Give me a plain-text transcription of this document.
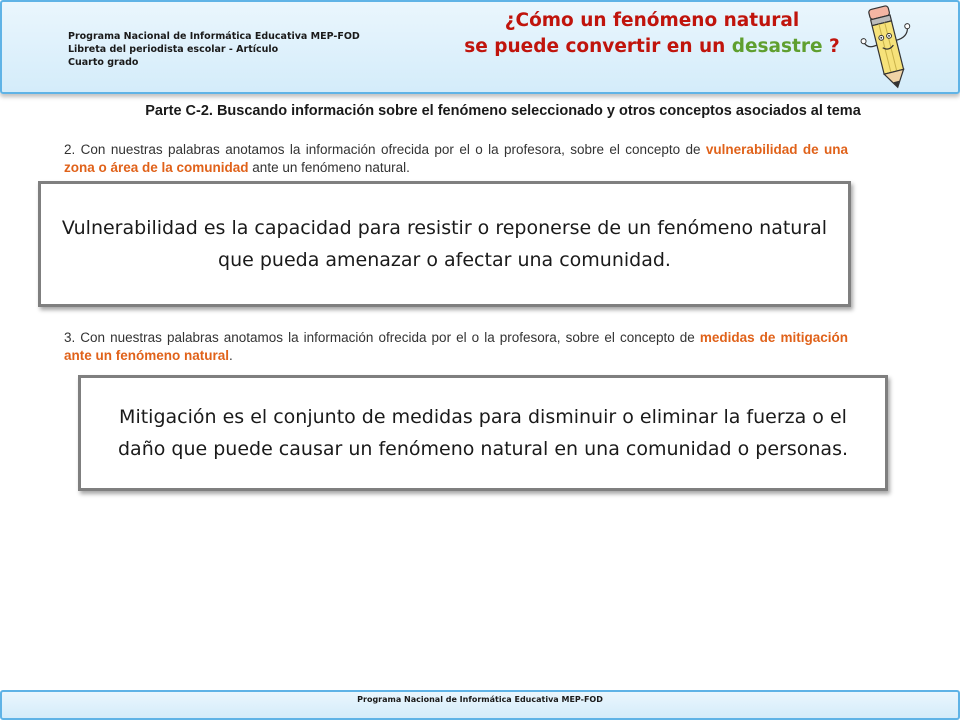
Programa Nacional de Informática Educativa MEP-FOD
Libreta del periodista escolar - Artículo
Cuarto grado
¿Cómo un fenómeno natural
se puede convertir en un desastre ?
Parte C-2. Buscando información sobre el fenómeno seleccionado y otros conceptos asociados al tema
2. Con nuestras palabras anotamos la información ofrecida por el o la profesora, sobre el concepto de vulnerabilidad de una zona o área de la comunidad ante un fenómeno natural.
Vulnerabilidad es la capacidad para resistir o reponerse de un fenómeno natural que pueda amenazar o afectar una comunidad.
3. Con nuestras palabras anotamos la información ofrecida por el o la profesora, sobre el concepto de medidas de mitigación ante un fenómeno natural.
Mitigación es el conjunto de medidas para disminuir o eliminar la fuerza o el daño que puede causar un fenómeno natural en una comunidad o personas.
Programa Nacional de Informática Educativa MEP-FOD
